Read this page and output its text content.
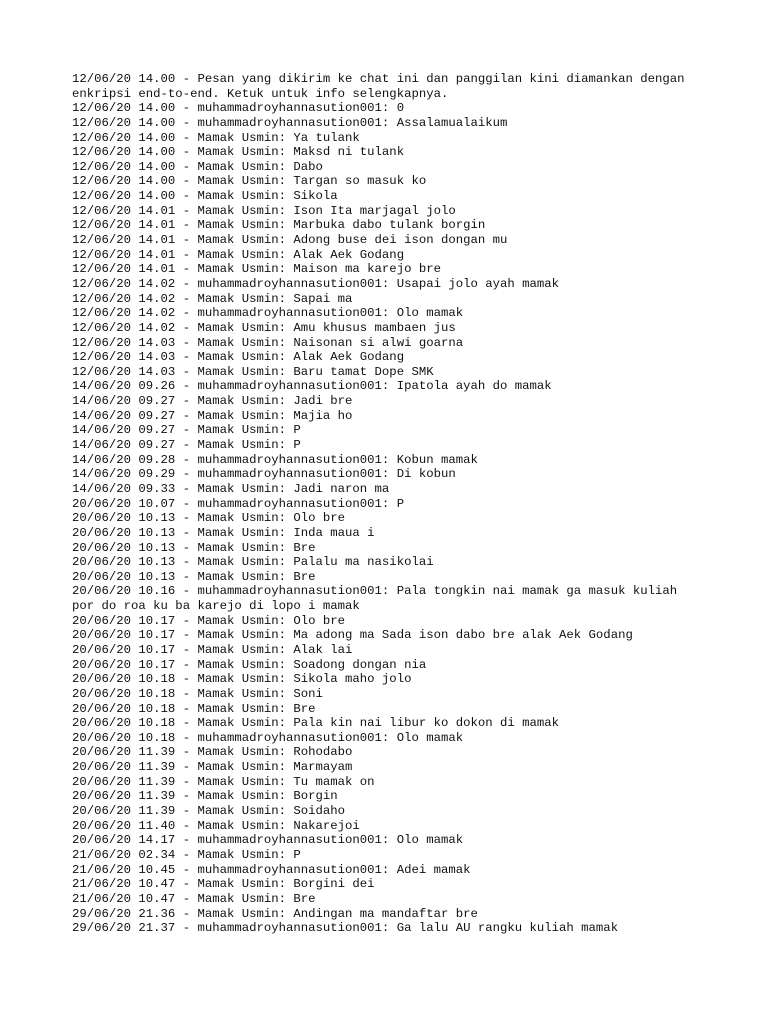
12/06/20 14.00 - Pesan yang dikirim ke chat ini dan panggilan kini diamankan dengan
enkripsi end-to-end. Ketuk untuk info selengkapnya.
12/06/20 14.00 - muhammadroyhannasution001: 0
12/06/20 14.00 - muhammadroyhannasution001: Assalamualaikum
12/06/20 14.00 - Mamak Usmin: Ya tulank
12/06/20 14.00 - Mamak Usmin: Maksd ni tulank
12/06/20 14.00 - Mamak Usmin: Dabo
12/06/20 14.00 - Mamak Usmin: Targan so masuk ko
12/06/20 14.00 - Mamak Usmin: Sikola
12/06/20 14.01 - Mamak Usmin: Ison Ita marjagal jolo
12/06/20 14.01 - Mamak Usmin: Marbuka dabo tulank borgin
12/06/20 14.01 - Mamak Usmin: Adong buse dei ison dongan mu
12/06/20 14.01 - Mamak Usmin: Alak Aek Godang
12/06/20 14.01 - Mamak Usmin: Maison ma karejo bre
12/06/20 14.02 - muhammadroyhannasution001: Usapai jolo ayah mamak
12/06/20 14.02 - Mamak Usmin: Sapai ma
12/06/20 14.02 - muhammadroyhannasution001: Olo mamak
12/06/20 14.02 - Mamak Usmin: Amu khusus mambaen jus
12/06/20 14.03 - Mamak Usmin: Naisonan si alwi goarna
12/06/20 14.03 - Mamak Usmin: Alak Aek Godang
12/06/20 14.03 - Mamak Usmin: Baru tamat Dope SMK
14/06/20 09.26 - muhammadroyhannasution001: Ipatola ayah do mamak
14/06/20 09.27 - Mamak Usmin: Jadi bre
14/06/20 09.27 - Mamak Usmin: Majia ho
14/06/20 09.27 - Mamak Usmin: P
14/06/20 09.27 - Mamak Usmin: P
14/06/20 09.28 - muhammadroyhannasution001: Kobun mamak
14/06/20 09.29 - muhammadroyhannasution001: Di kobun
14/06/20 09.33 - Mamak Usmin: Jadi naron ma
20/06/20 10.07 - muhammadroyhannasution001: P
20/06/20 10.13 - Mamak Usmin: Olo bre
20/06/20 10.13 - Mamak Usmin: Inda maua i
20/06/20 10.13 - Mamak Usmin: Bre
20/06/20 10.13 - Mamak Usmin: Palalu ma nasikolai
20/06/20 10.13 - Mamak Usmin: Bre
20/06/20 10.16 - muhammadroyhannasution001: Pala tongkin nai mamak ga masuk kuliah
por do roa ku ba karejo di lopo i mamak
20/06/20 10.17 - Mamak Usmin: Olo bre
20/06/20 10.17 - Mamak Usmin: Ma adong ma Sada ison dabo bre alak Aek Godang
20/06/20 10.17 - Mamak Usmin: Alak lai
20/06/20 10.17 - Mamak Usmin: Soadong dongan nia
20/06/20 10.18 - Mamak Usmin: Sikola maho jolo
20/06/20 10.18 - Mamak Usmin: Soni
20/06/20 10.18 - Mamak Usmin: Bre
20/06/20 10.18 - Mamak Usmin: Pala kin nai libur ko dokon di mamak
20/06/20 10.18 - muhammadroyhannasution001: Olo mamak
20/06/20 11.39 - Mamak Usmin: Rohodabo
20/06/20 11.39 - Mamak Usmin: Marmayam
20/06/20 11.39 - Mamak Usmin: Tu mamak on
20/06/20 11.39 - Mamak Usmin: Borgin
20/06/20 11.39 - Mamak Usmin: Soidaho
20/06/20 11.40 - Mamak Usmin: Nakarejoi
20/06/20 14.17 - muhammadroyhannasution001: Olo mamak
21/06/20 02.34 - Mamak Usmin: P
21/06/20 10.45 - muhammadroyhannasution001: Adei mamak
21/06/20 10.47 - Mamak Usmin: Borgini dei
21/06/20 10.47 - Mamak Usmin: Bre
29/06/20 21.36 - Mamak Usmin: Andingan ma mandaftar bre
29/06/20 21.37 - muhammadroyhannasution001: Ga lalu AU rangku kuliah mamak
